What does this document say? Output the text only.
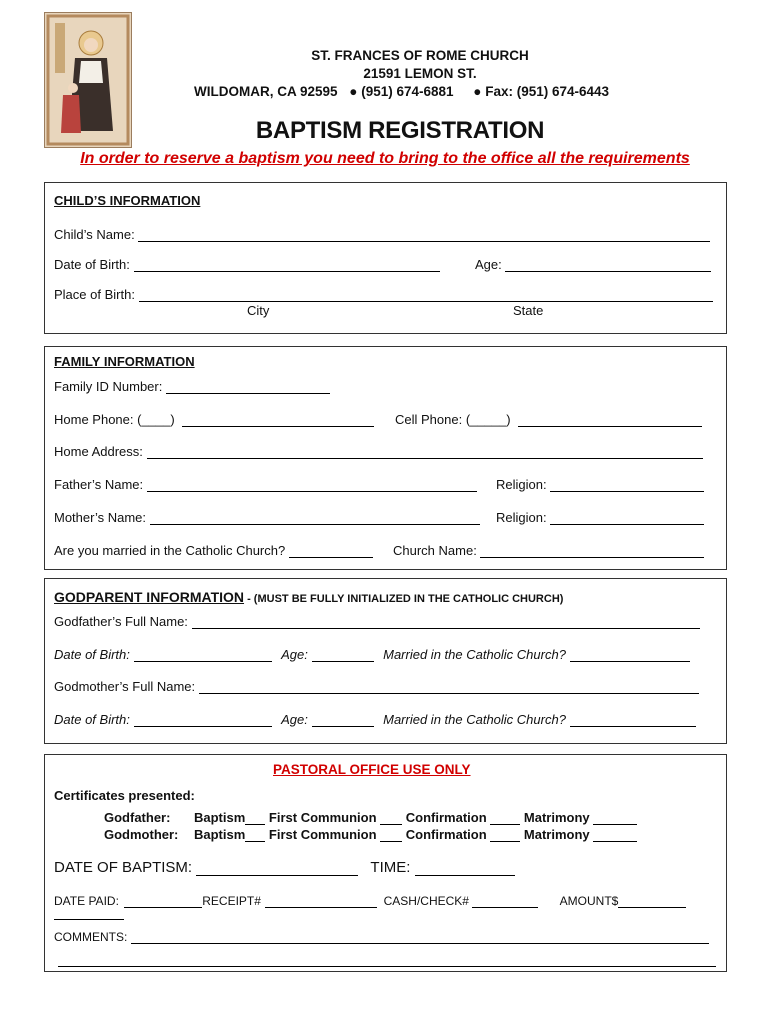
ST. FRANCES OF ROME CHURCH
21591 LEMON ST.
WILDOMAR, CA 92595 ● (951) 674-6881 ● Fax: (951) 674-6443
BAPTISM REGISTRATION
In order to reserve a baptism you need to bring to the office all the requirements
CHILD’S INFORMATION
Child’s Name:
Date of Birth:	Age:
Place of Birth:
City	State
FAMILY INFORMATION
Family ID Number:
Home Phone: (____)	Cell Phone: (_____)
Home Address:
Father’s Name:	Religion:
Mother’s Name:	Religion:
Are you married in the Catholic Church?	Church Name:
GODPARENT INFORMATION - (MUST BE FULLY INITIALIZED IN THE CATHOLIC CHURCH)
Godfather’s Full Name:
Date of Birth:	Age:	Married in the Catholic Church?
Godmother’s Full Name:
Date of Birth:	Age:	Married in the Catholic Church?
PASTORAL OFFICE USE ONLY
Certificates presented:
Godfather: Baptism First Communion Confirmation	Matrimony
Godmother: Baptism First Communion Confirmation	Matrimony
DATE OF BAPTISM:	TIME:
DATE PAID:	RECEIPT#	CASH/CHECK#	AMOUNT$
COMMENTS:
